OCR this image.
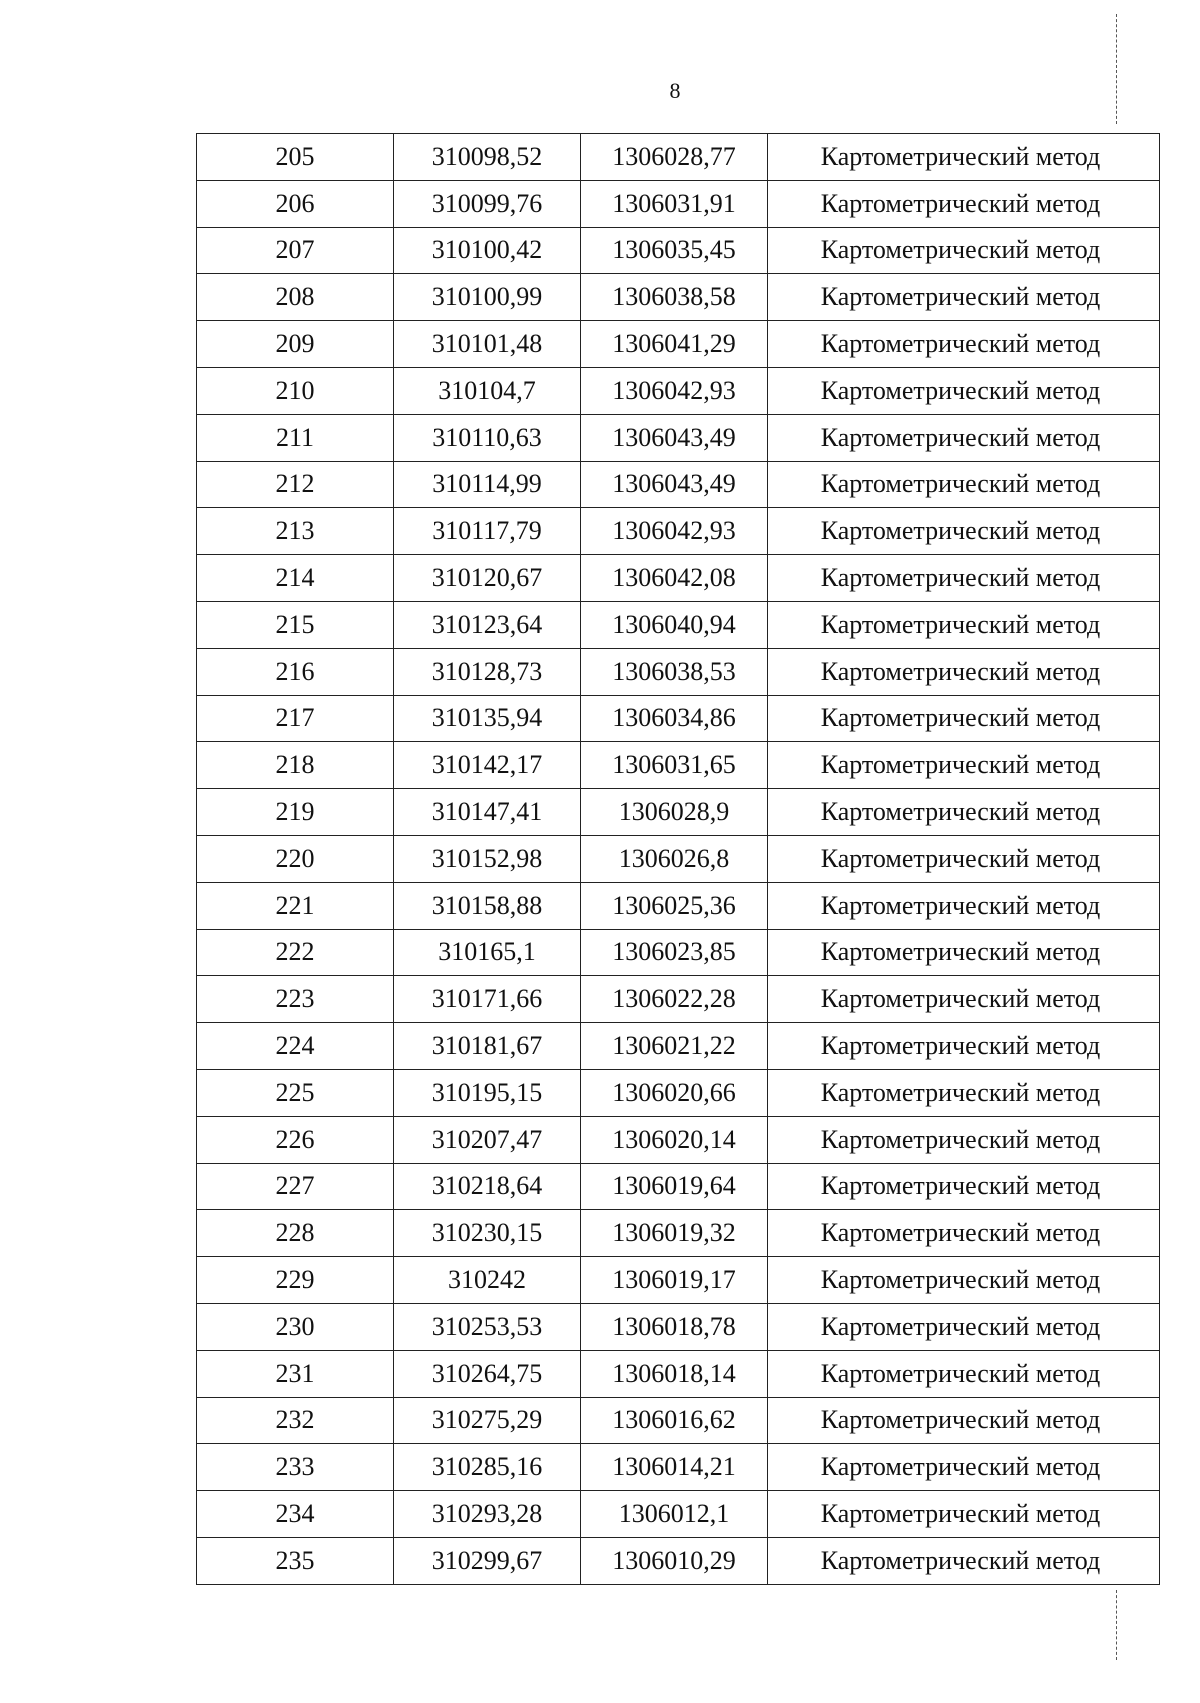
8
205	310098,52	1306028,77	Картометрический метод
206	310099,76	1306031,91	Картометрический метод
207	310100,42	1306035,45	Картометрический метод
208	310100,99	1306038,58	Картометрический метод
209	310101,48	1306041,29	Картометрический метод
210	310104,7	1306042,93	Картометрический метод
211	310110,63	1306043,49	Картометрический метод
212	310114,99	1306043,49	Картометрический метод
213	310117,79	1306042,93	Картометрический метод
214	310120,67	1306042,08	Картометрический метод
215	310123,64	1306040,94	Картометрический метод
216	310128,73	1306038,53	Картометрический метод
217	310135,94	1306034,86	Картометрический метод
218	310142,17	1306031,65	Картометрический метод
219	310147,41	1306028,9	Картометрический метод
220	310152,98	1306026,8	Картометрический метод
221	310158,88	1306025,36	Картометрический метод
222	310165,1	1306023,85	Картометрический метод
223	310171,66	1306022,28	Картометрический метод
224	310181,67	1306021,22	Картометрический метод
225	310195,15	1306020,66	Картометрический метод
226	310207,47	1306020,14	Картометрический метод
227	310218,64	1306019,64	Картометрический метод
228	310230,15	1306019,32	Картометрический метод
229	310242	1306019,17	Картометрический метод
230	310253,53	1306018,78	Картометрический метод
231	310264,75	1306018,14	Картометрический метод
232	310275,29	1306016,62	Картометрический метод
233	310285,16	1306014,21	Картометрический метод
234	310293,28	1306012,1	Картометрический метод
235	310299,67	1306010,29	Картометрический метод
